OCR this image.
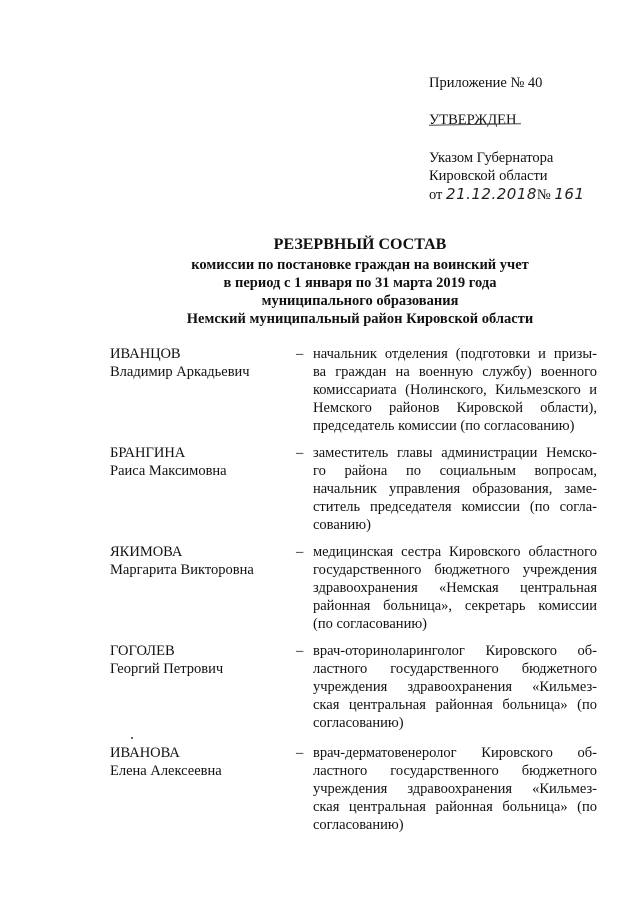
Приложение № 40

УТВЕРЖДЕН

Указом Губернатора
Кировской области
от 21.12.2018№ 161

РЕЗЕРВНЫЙ СОСТАВ
комиссии по постановке граждан на воинский учет
в период с 1 января по 31 марта 2019 года
муниципального образования
Немский муниципальный район Кировской области
ИВАНЦОВ
Владимир Аркадьевич
– начальник отделения (подготовки и призы-
ва граждан на военную службу) военного
комиссариата (Нолинского, Кильмезского и
Немского районов Кировской области),
председатель комиссии (по согласованию)
БРАНГИНА
Раиса Максимовна
– заместитель главы администрации Немско-
го района по социальным вопросам,
начальник управления образования, заме-
ститель председателя комиссии (по согла-
сованию)
ЯКИМОВА
Маргарита Викторовна
– медицинская сестра Кировского областного
государственного бюджетного учреждения
здравоохранения «Немская центральная
районная больница», секретарь комиссии
(по согласованию)
ГОГОЛЕВ
Георгий Петрович
– врач-оториноларинголог Кировского об-
ластного государственного бюджетного
учреждения здравоохранения «Кильмез-
ская центральная районная больница» (по
согласованию)
ИВАНОВА
Елена Алексеевна
– врач-дерматовенеролог Кировского об-
ластного государственного бюджетного
учреждения здравоохранения «Кильмез-
ская центральная районная больница» (по
согласованию)
